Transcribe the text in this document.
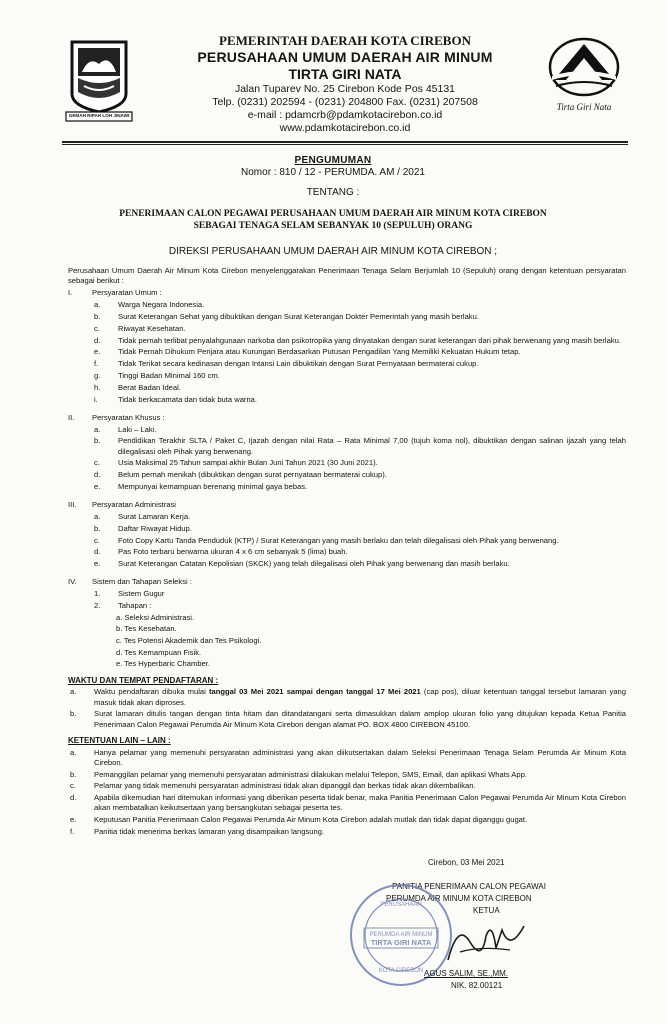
GEMAH RIPAH LOH JINAWI
PEMERINTAH DAERAH KOTA CIREBON
PERUSAHAAN UMUM DAERAH AIR MINUM
TIRTA GIRI NATA
Jalan Tuparev No. 25 Cirebon Kode Pos 45131
Telp. (0231) 202594 - (0231) 204800 Fax. (0231) 207508
e-mail : pdamcrb@pdamkotacirebon.co.id
www.pdamkotacirebon.co.id
Tirta Giri Nata
PENGUMUMAN
Nomor : 810 / 12 - PERUMDA. AM / 2021
TENTANG :
PENERIMAAN CALON PEGAWAI PERUSAHAAN UMUM DAERAH AIR MINUM KOTA CIREBON
SEBAGAI TENAGA SELAM SEBANYAK 10 (SEPULUH) ORANG
DIREKSI PERUSAHAAN UMUM DAERAH AIR MINUM KOTA CIREBON ;

Perusahaan Umum Daerah Air Minum Kota Cirebon menyelenggarakan Penerimaan Tenaga Selam Berjumlah 10 (Sepuluh) orang dengan ketentuan persyaratan sebagai berikut :

I.	Persyaratan Umum :
a.	Warga Negara Indonesia.
b.	Surat Keterangan Sehat yang dibuktikan dengan Surat Keterangan Dokter Pemerintah yang masih berlaku.
c.	Riwayat Kesehatan.
d.	Tidak pernah terlibat penyalahgunaan narkoba dan psikotropika yang dinyatakan dengan surat keterangan dari pihak berwenang yang masih berlaku.
e.	Tidak Pernah Dihukum Penjara atau Kurungan Berdasarkan Putusan Pengadilan Yang Memiliki Kekuatan Hukum tetap.
f.	Tidak Terikat secara kedinasan dengan Intansi Lain dibuktikan dengan Surat Pernyataan bermaterai cukup.
g.	Tinggi Badan Minimal 160 cm.
h.	Berat Badan Ideal.
i.	Tidak berkacamata dan tidak buta warna.
II.	Persyaratan Khusus :
a.	Laki – Laki.
b.	Pendidikan Terakhir SLTA / Paket C, Ijazah dengan nilai Rata – Rata Minimal 7,00 (tujuh koma nol), dibuktikan dengan salinan ijazah yang telah dilegalisasi oleh Pihak yang berwenang.
c.	Usia Maksimal 25 Tahun sampai akhir Bulan Juni Tahun 2021 (30 Juni 2021).
d.	Belum pernah menikah (dibuktikan dengan surat pernyataan bermaterai cukup).
e.	Mempunyai kemampuan berenang minimal gaya bebas.
III.	Persyaratan Administrasi
a.	Surat Lamaran Kerja.
b.	Daftar Riwayat Hidup.
c.	Foto Copy Kartu Tanda Penduduk (KTP) / Surat Keterangan yang masih berlaku dan telah dilegalisasi oleh Pihak yang berwenang.
d.	Pas Foto terbaru berwarna ukuran 4 x 6 cm sebanyak 5 (lima) buah.
e.	Surat Keterangan Catatan Kepolisian (SKCK) yang telah dilegalisasi oleh Pihak yang berwenang dan masih berlaku.
IV.	Sistem dan Tahapan Seleksi :
1.	Sistem Gugur
2.	Tahapan :
a. Seleksi Administrasi.
b. Tes Kesehatan.
c. Tes Potensi Akademik dan Tes Psikologi.
d. Tes Kemampuan Fisik.
e. Tes Hyperbaric Chamber.
WAKTU DAN TEMPAT PENDAFTARAN :
a.	Waktu pendaftaran dibuka mulai tanggal 03 Mei 2021 sampai dengan tanggal 17 Mei 2021 (cap pos), diluar ketentuan tanggal tersebut lamaran yang masuk tidak akan diproses.
b.	Surat lamaran ditulis tangan dengan tinta hitam dan ditandatangani serta dimasukkan dalam amplop ukuran folio yang ditujukan kepada Ketua Panitia Penerimaan Calon Pegawai Perumda Air Minum Kota Cirebon dengan alamat PO. BOX 4800 CIREBON 45100.
KETENTUAN LAIN – LAIN :
a.	Hanya pelamar yang memenuhi persyaratan administrasi yang akan diikutsertakan dalam Seleksi Penerimaan Tenaga Selam Perumda Air Minum Kota Cirebon.
b.	Pemanggilan pelamar yang memenuhi persyaratan administrasi dilakukan melalui Telepon, SMS, Email, dan aplikasi Whats App.
c.	Pelamar yang tidak memenuhi persyaratan administrasi tidak akan dipanggil dan berkas tidak akan dikembalikan.
d.	Apabila dikemudian hari ditemukan informasi yang diberikan peserta tidak benar, maka Panitia Penerimaan Calon Pegawai Perumda Air Minum Kota Cirebon akan membatalkan keikutsertaan yang bersangkutan sebagai peserta tes.
e.	Keputusan Panitia Penerimaan Calon Pegawai Perumda Air Minum Kota Cirebon adalah mutlak dan tidak dapat diganggu gugat.
f.	Panitia tidak menerima berkas lamaran yang disampaikan langsung.
Cirebon, 03 Mei 2021
PANITIA PENERIMAAN CALON PEGAWAI
PERUMDA AIR MINUM KOTA CIREBON
KETUA
PERUMDA AIR MINUM
TIRTA GIRI NATA
PERUSAHAAN
KOTA CIREBON AGUS SALIM, SE.,MM.
NIK. 82.00121
